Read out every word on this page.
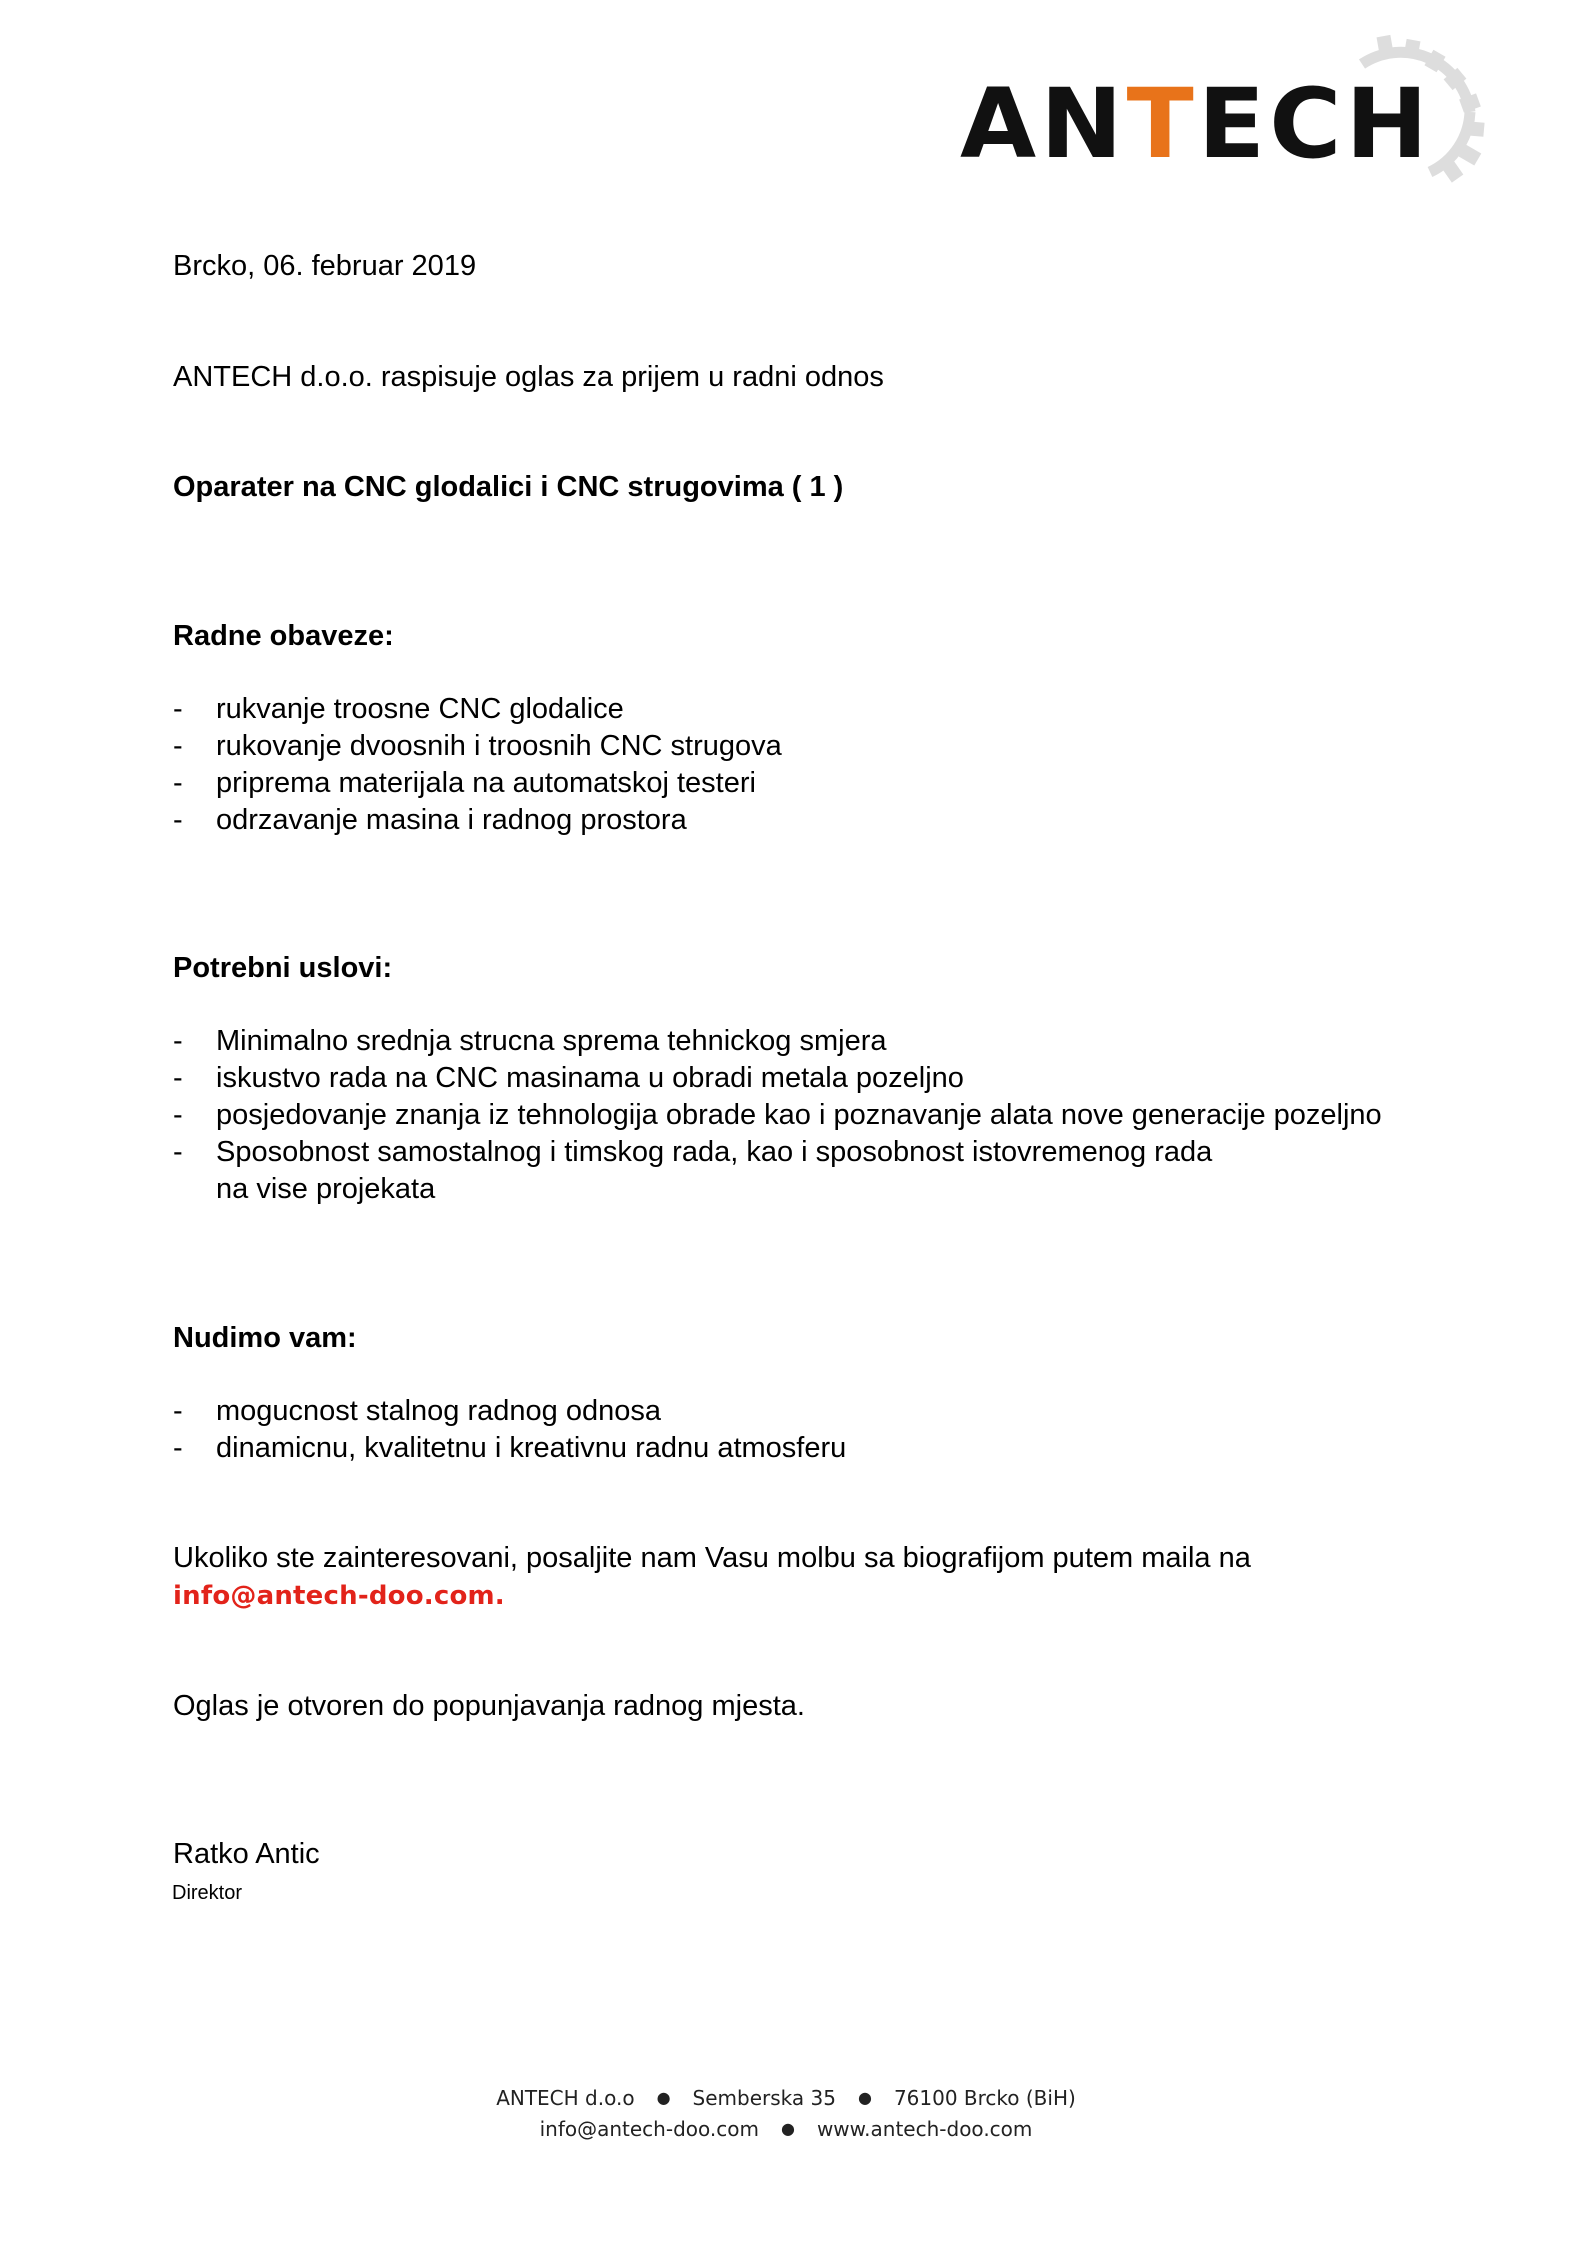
ANTECH
Brcko, 06. februar 2019
ANTECH d.o.o. raspisuje oglas za prijem u radni odnos
Oparater na CNC glodalici i CNC strugovima ( 1 )
Radne obaveze:
- rukvanje troosne CNC glodalice
- rukovanje dvoosnih i troosnih CNC strugova
- priprema materijala na automatskoj testeri
- odrzavanje masina i radnog prostora
Potrebni uslovi:
- Minimalno srednja strucna sprema tehnickog smjera
- iskustvo rada na CNC masinama u obradi metala pozeljno
- posjedovanje znanja iz tehnologija obrade kao i poznavanje alata nove generacije pozeljno
- Sposobnost samostalnog i timskog rada, kao i sposobnost istovremenog rada
na vise projekata
Nudimo vam:
- mogucnost stalnog radnog odnosa
- dinamicnu, kvalitetnu i kreativnu radnu atmosferu
Ukoliko ste zainteresovani, posaljite nam Vasu molbu sa biografijom putem maila na
info@antech-doo.com.
Oglas je otvoren do popunjavanja radnog mjesta.
Ratko Antic
Direktor
ANTECH d.o.o ● Semberska 35 ● 76100 Brcko (BiH)
info@antech-doo.com ● www.antech-doo.com
